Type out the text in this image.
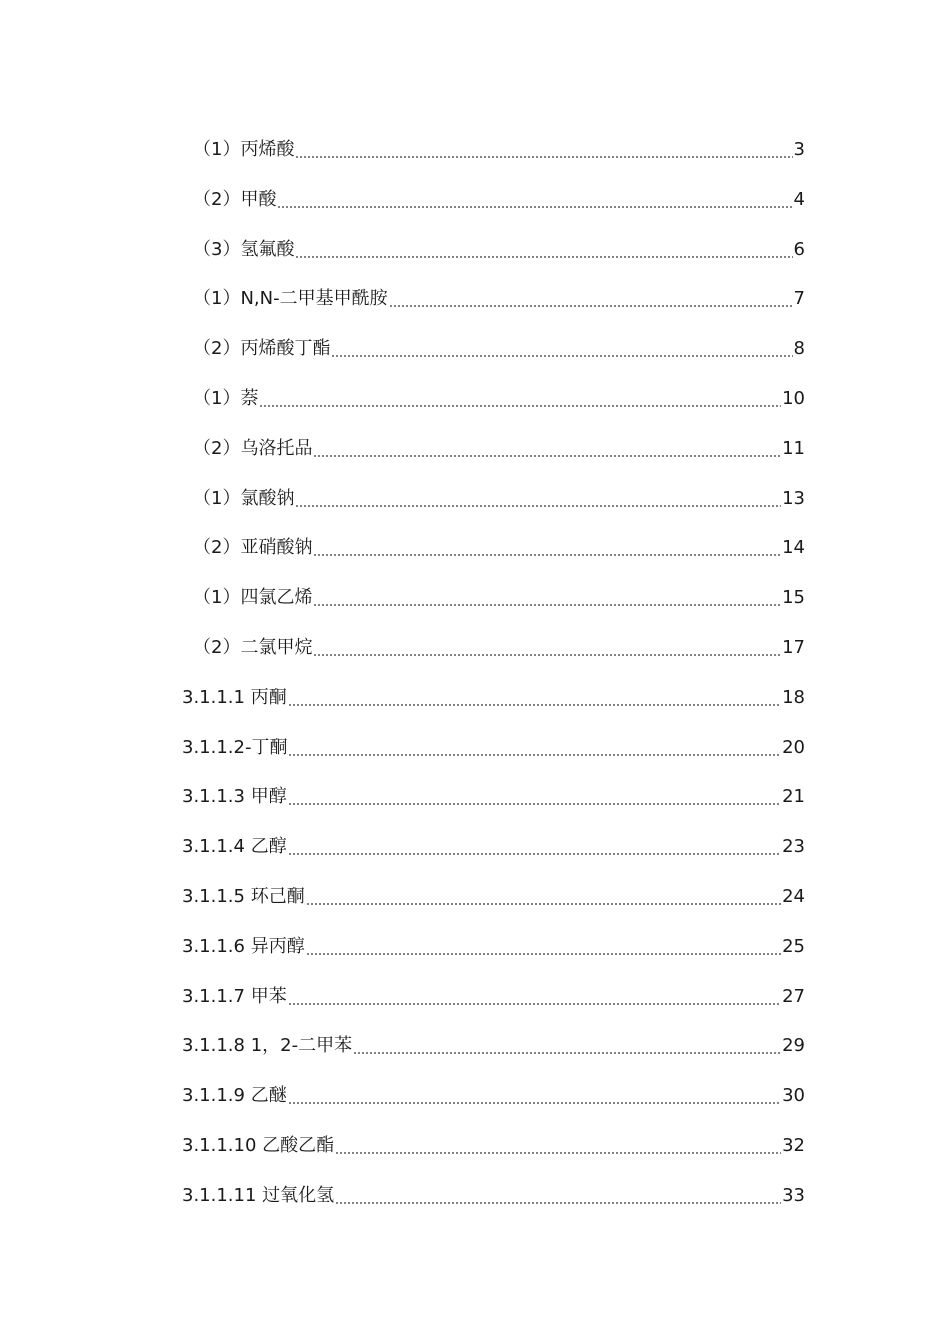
（1）丙烯酸	3
（2）甲酸	4
（3）氢氟酸	6
（1）N,N-二甲基甲酰胺	7
（2）丙烯酸丁酯	8
（1）萘	10
（2）乌洛托品	11
（1）氯酸钠	13
（2）亚硝酸钠	14
（1）四氯乙烯	15
（2）二氯甲烷	17
3.1.1.1 丙酮	18
3.1.1.2-丁酮	20
3.1.1.3 甲醇	21
3.1.1.4 乙醇	23
3.1.1.5 环己酮	24
3.1.1.6 异丙醇	25
3.1.1.7 甲苯	27
3.1.1.8 1，2-二甲苯	29
3.1.1.9 乙醚	30
3.1.1.10 乙酸乙酯	32
3.1.1.11 过氧化氢	33
